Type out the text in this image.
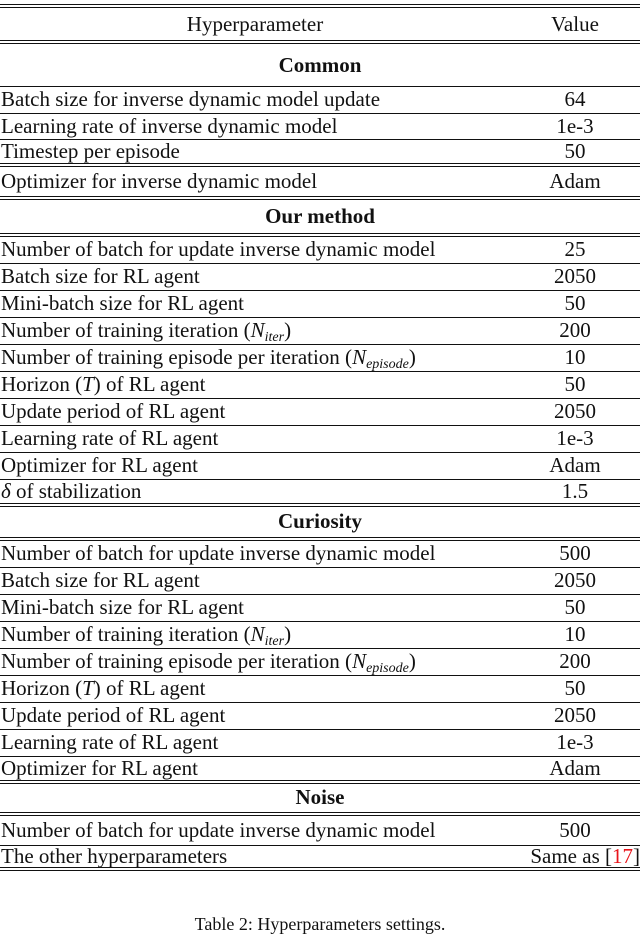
Hyperparameter	Value
Common
Batch size for inverse dynamic model update	64
Learning rate of inverse dynamic model	1e-3
Timestep per episode	50
Optimizer for inverse dynamic model	Adam
Our method
Number of batch for update inverse dynamic model	25
Batch size for RL agent	2050
Mini-batch size for RL agent	50
Number of training iteration $(N_{iter})$	200
Number of training episode per iteration $(N_{episode})$	10
Horizon (T) of RL agent	50
Update period of RL agent	2050
Learning rate of RL agent	1e-3
Optimizer for RL agent	Adam
δ of stabilization	1.5
Curiosity
Number of batch for update inverse dynamic model	500
Batch size for RL agent	2050
Mini-batch size for RL agent	50
Number of training iteration $(N_{iter})$	10
Number of training episode per iteration $(N_{episode})$	200
Horizon (T) of RL agent	50
Update period of RL agent	2050
Learning rate of RL agent	1e-3
Optimizer for RL agent	Adam
Noise
Number of batch for update inverse dynamic model	500
The other hyperparameters	Same as [17]
Table 2: Hyperparameters settings.
